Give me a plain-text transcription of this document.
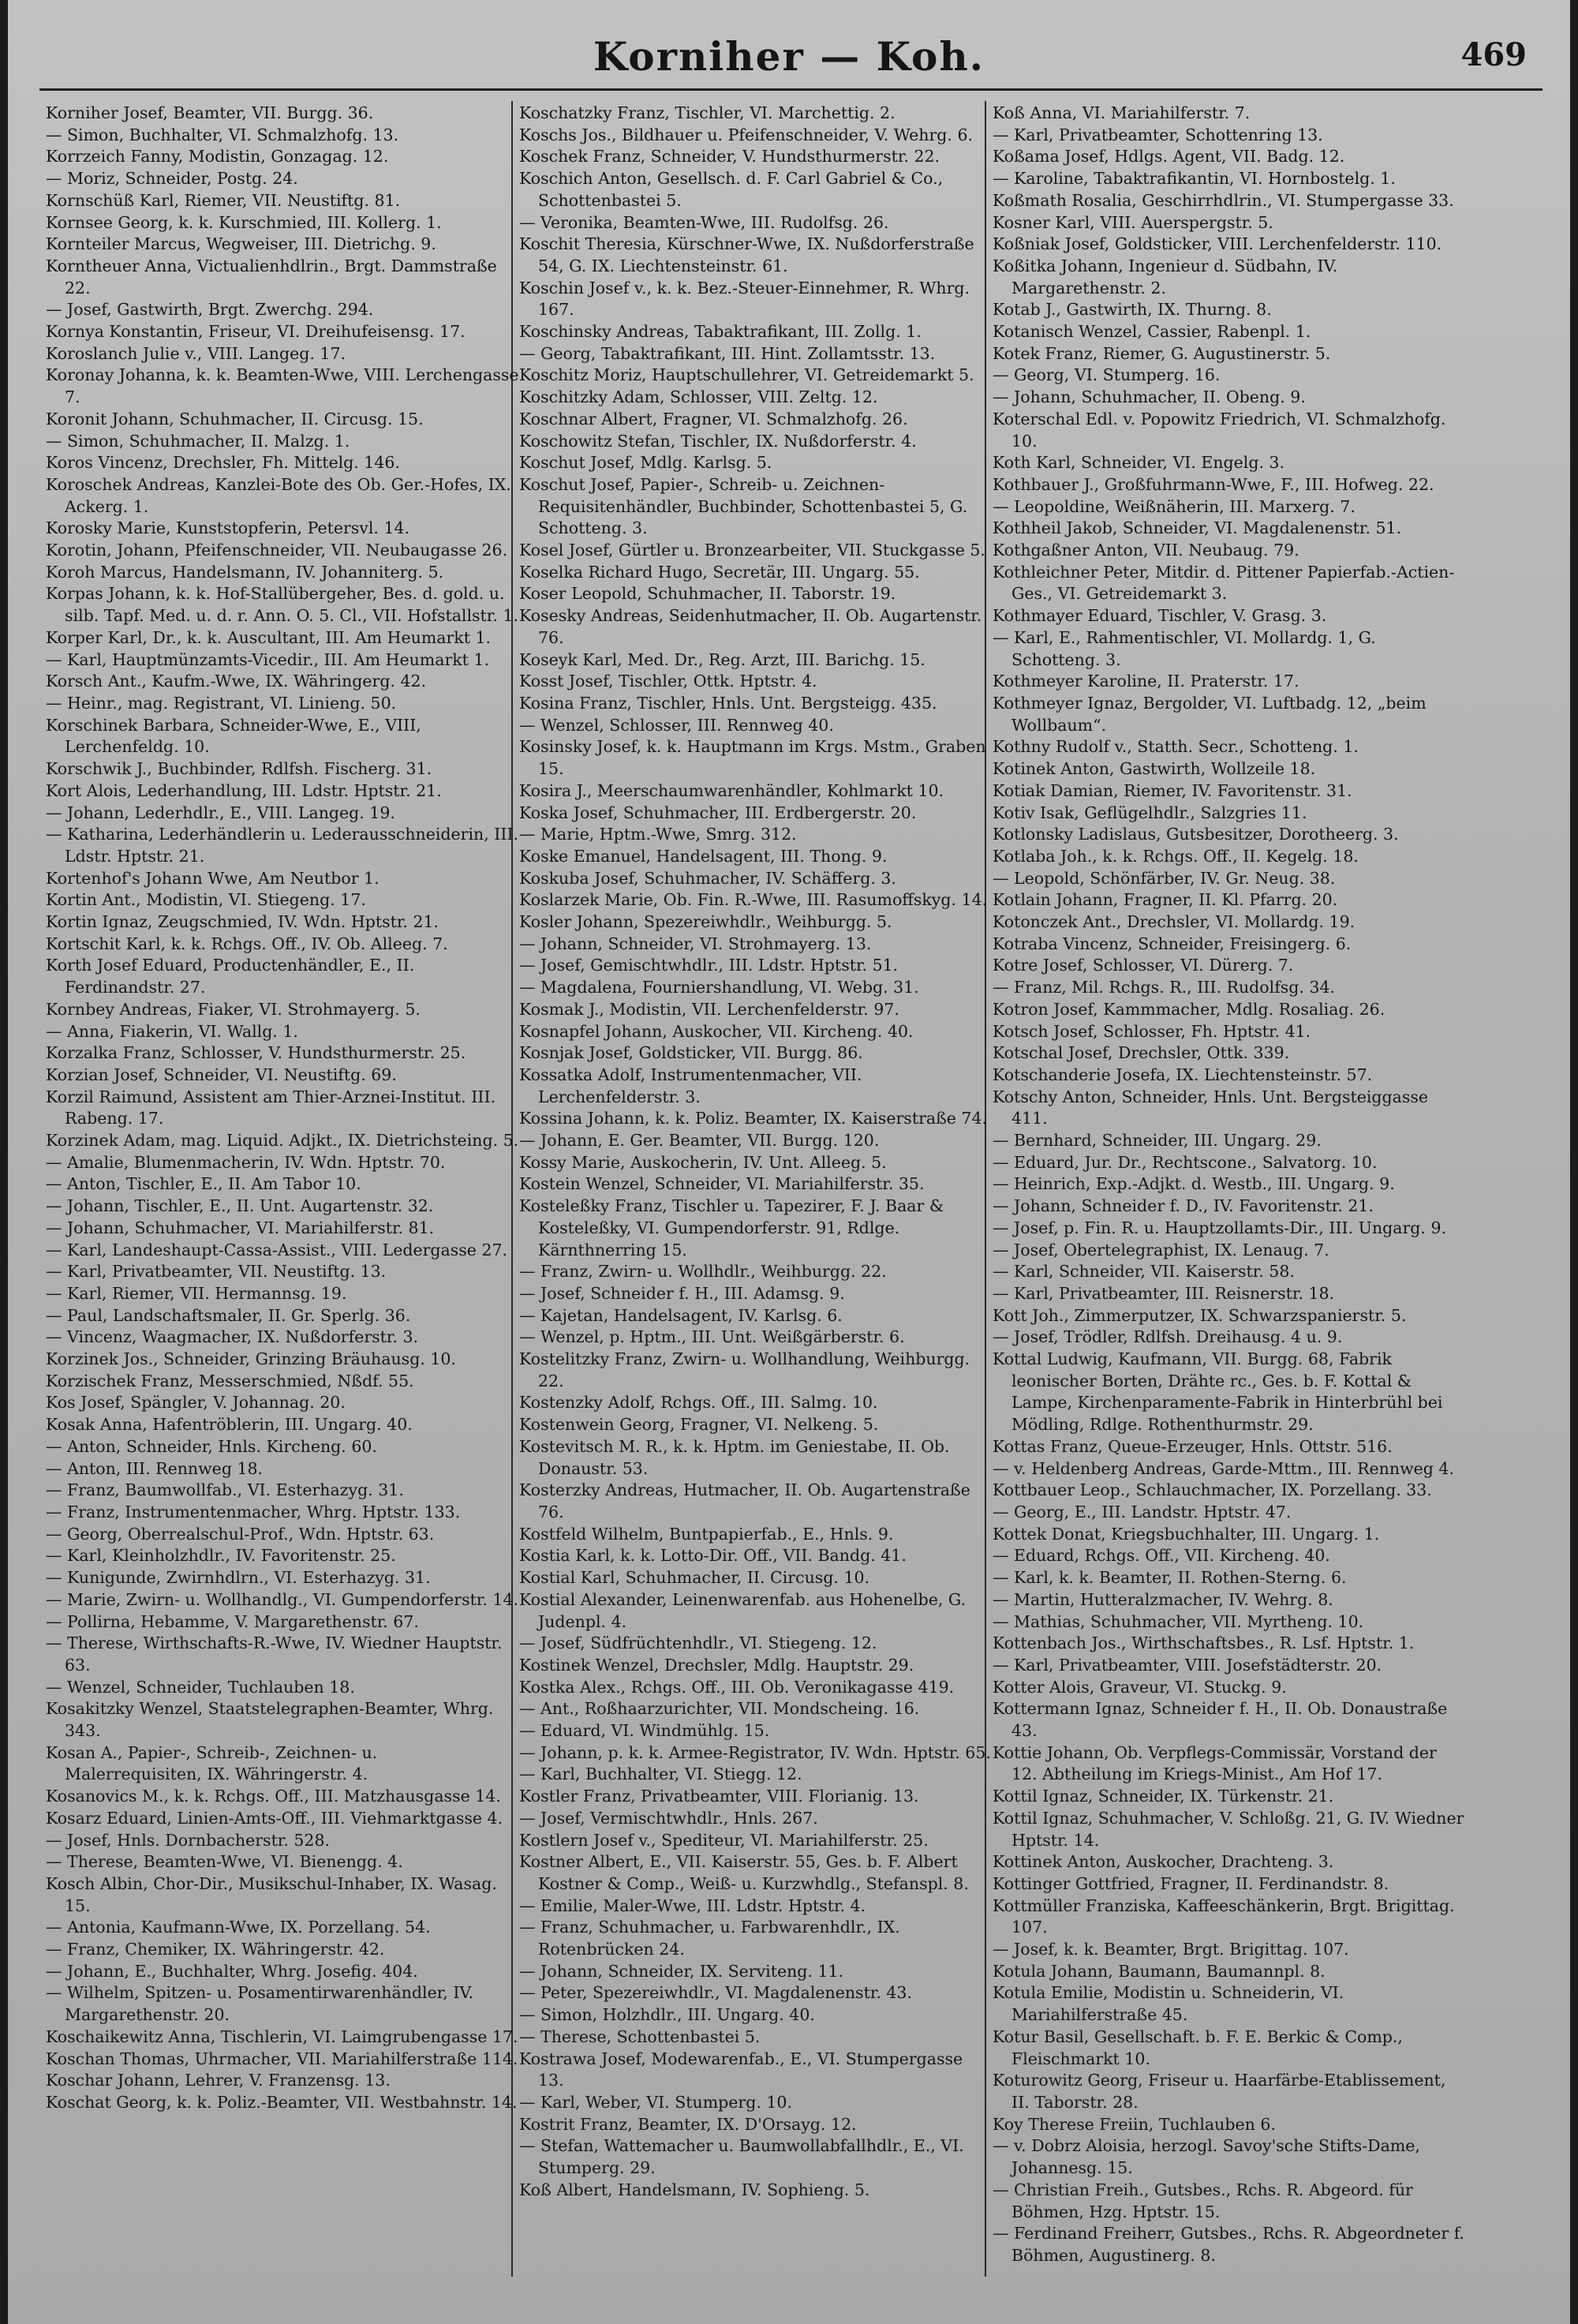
Korniher — Koh.	469

Korniher Josef, Beamter, VII. Burgg. 36.

— Simon, Buchhalter, VI. Schmalzhofg. 13.

Korrzeich Fanny, Modistin, Gonzagag. 12.

— Moriz, Schneider, Postg. 24.

Kornschüß Karl, Riemer, VII. Neustiftg. 81.

Kornsee Georg, k. k. Kurschmied, III. Kollerg. 1.

Kornteiler Marcus, Wegweiser, III. Dietrichg. 9.

Korntheuer Anna, Victualienhdlrin., Brgt. Dammstraße 22.

— Josef, Gastwirth, Brgt. Zwerchg. 294.

Kornya Konstantin, Friseur, VI. Dreihufeisensg. 17.

Koroslanch Julie v., VIII. Langeg. 17.

Koronay Johanna, k. k. Beamten-Wwe, VIII. Lerchengasse 7.

Koronit Johann, Schuhmacher, II. Circusg. 15.

— Simon, Schuhmacher, II. Malzg. 1.

Koros Vincenz, Drechsler, Fh. Mittelg. 146.

Koroschek Andreas, Kanzlei-Bote des Ob. Ger.-Hofes, IX. Ackerg. 1.

Korosky Marie, Kunststopferin, Petersvl. 14.

Korotin, Johann, Pfeifenschneider, VII. Neubaugasse 26.

Koroh Marcus, Handelsmann, IV. Johanniterg. 5.

Korpas Johann, k. k. Hof-Stallübergeher, Bes. d. gold. u. silb. Tapf. Med. u. d. r. Ann. O. 5. Cl., VII. Hofstallstr. 1.

Korper Karl, Dr., k. k. Auscultant, III. Am Heumarkt 1.

— Karl, Hauptmünzamts-Vicedir., III. Am Heumarkt 1.

Korsch Ant., Kaufm.-Wwe, IX. Währingerg. 42.

— Heinr., mag. Registrant, VI. Linieng. 50.

Korschinek Barbara, Schneider-Wwe, E., VIII, Lerchenfeldg. 10.

Korschwik J., Buchbinder, Rdlfsh. Fischerg. 31.

Kort Alois, Lederhandlung, III. Ldstr. Hptstr. 21.

— Johann, Lederhdlr., E., VIII. Langeg. 19.

— Katharina, Lederhändlerin u. Lederausschneiderin, III. Ldstr. Hptstr. 21.

Kortenhof's Johann Wwe, Am Neutbor 1.

Kortin Ant., Modistin, VI. Stiegeng. 17.

Kortin Ignaz, Zeugschmied, IV. Wdn. Hptstr. 21.

Kortschit Karl, k. k. Rchgs. Off., IV. Ob. Alleeg. 7.

Korth Josef Eduard, Productenhändler, E., II. Ferdinandstr. 27.

Kornbey Andreas, Fiaker, VI. Strohmayerg. 5.

— Anna, Fiakerin, VI. Wallg. 1.

Korzalka Franz, Schlosser, V. Hundsthurmerstr. 25.

Korzian Josef, Schneider, VI. Neustiftg. 69.

Korzil Raimund, Assistent am Thier-Arznei-Institut. III. Rabeng. 17.

Korzinek Adam, mag. Liquid. Adjkt., IX. Dietrichsteing. 5.

— Amalie, Blumenmacherin, IV. Wdn. Hptstr. 70.

— Anton, Tischler, E., II. Am Tabor 10.

— Johann, Tischler, E., II. Unt. Augartenstr. 32.

— Johann, Schuhmacher, VI. Mariahilferstr. 81.

— Karl, Landeshaupt-Cassa-Assist., VIII. Ledergasse 27.

— Karl, Privatbeamter, VII. Neustiftg. 13.

— Karl, Riemer, VII. Hermannsg. 19.

— Paul, Landschaftsmaler, II. Gr. Sperlg. 36.

— Vincenz, Waagmacher, IX. Nußdorferstr. 3.

Korzinek Jos., Schneider, Grinzing Bräuhausg. 10.

Korzischek Franz, Messerschmied, Nßdf. 55.

Kos Josef, Spängler, V. Johannag. 20.

Kosak Anna, Hafentröblerin, III. Ungarg. 40.

— Anton, Schneider, Hnls. Kircheng. 60.

— Anton, III. Rennweg 18.

— Franz, Baumwollfab., VI. Esterhazyg. 31.

— Franz, Instrumentenmacher, Whrg. Hptstr. 133.

— Georg, Oberrealschul-Prof., Wdn. Hptstr. 63.

— Karl, Kleinholzhdlr., IV. Favoritenstr. 25.

— Kunigunde, Zwirnhdlrn., VI. Esterhazyg. 31.

— Marie, Zwirn- u. Wollhandlg., VI. Gumpendorferstr. 14.

— Pollirna, Hebamme, V. Margarethenstr. 67.

— Therese, Wirthschafts-R.-Wwe, IV. Wiedner Hauptstr. 63.

— Wenzel, Schneider, Tuchlauben 18.

Kosakitzky Wenzel, Staatstelegraphen-Beamter, Whrg. 343.

Kosan A., Papier-, Schreib-, Zeichnen- u. Malerrequisiten, IX. Währingerstr. 4.

Kosanovics M., k. k. Rchgs. Off., III. Matzhausgasse 14.

Kosarz Eduard, Linien-Amts-Off., III. Viehmarktgasse 4.

— Josef, Hnls. Dornbacherstr. 528.

— Therese, Beamten-Wwe, VI. Bienengg. 4.

Kosch Albin, Chor-Dir., Musikschul-Inhaber, IX. Wasag. 15.

— Antonia, Kaufmann-Wwe, IX. Porzellang. 54.

— Franz, Chemiker, IX. Währingerstr. 42.

— Johann, E., Buchhalter, Whrg. Josefig. 404.

— Wilhelm, Spitzen- u. Posamentirwarenhändler, IV. Margarethenstr. 20.

Koschaikewitz Anna, Tischlerin, VI. Laimgrubengasse 17.

Koschan Thomas, Uhrmacher, VII. Mariahilferstraße 114.

Koschar Johann, Lehrer, V. Franzensg. 13.

Koschat Georg, k. k. Poliz.-Beamter, VII. Westbahnstr. 14.

Koschatzky Franz, Tischler, VI. Marchettig. 2.

Koschs Jos., Bildhauer u. Pfeifenschneider, V. Wehrg. 6.

Koschek Franz, Schneider, V. Hundsthurmerstr. 22.

Koschich Anton, Gesellsch. d. F. Carl Gabriel & Co., Schottenbastei 5.

— Veronika, Beamten-Wwe, III. Rudolfsg. 26.

Koschit Theresia, Kürschner-Wwe, IX. Nußdorferstraße 54, G. IX. Liechtensteinstr. 61.

Koschin Josef v., k. k. Bez.-Steuer-Einnehmer, R. Whrg. 167.

Koschinsky Andreas, Tabaktrafikant, III. Zollg. 1.

— Georg, Tabaktrafikant, III. Hint. Zollamtsstr. 13.

Koschitz Moriz, Hauptschullehrer, VI. Getreidemarkt 5.

Koschitzky Adam, Schlosser, VIII. Zeltg. 12.

Koschnar Albert, Fragner, VI. Schmalzhofg. 26.

Koschowitz Stefan, Tischler, IX. Nußdorferstr. 4.

Koschut Josef, Mdlg. Karlsg. 5.

Koschut Josef, Papier-, Schreib- u. Zeichnen-Requisitenhändler, Buchbinder, Schottenbastei 5, G. Schotteng. 3.

Kosel Josef, Gürtler u. Bronzearbeiter, VII. Stuckgasse 5.

Koselka Richard Hugo, Secretär, III. Ungarg. 55.

Koser Leopold, Schuhmacher, II. Taborstr. 19.

Kosesky Andreas, Seidenhutmacher, II. Ob. Augartenstr. 76.

Koseyk Karl, Med. Dr., Reg. Arzt, III. Barichg. 15.

Kosst Josef, Tischler, Ottk. Hptstr. 4.

Kosina Franz, Tischler, Hnls. Unt. Bergsteigg. 435.

— Wenzel, Schlosser, III. Rennweg 40.

Kosinsky Josef, k. k. Hauptmann im Krgs. Mstm., Graben 15.

Kosira J., Meerschaumwarenhändler, Kohlmarkt 10.

Koska Josef, Schuhmacher, III. Erdbergerstr. 20.

— Marie, Hptm.-Wwe, Smrg. 312.

Koske Emanuel, Handelsagent, III. Thong. 9.

Koskuba Josef, Schuhmacher, IV. Schäfferg. 3.

Koslarzek Marie, Ob. Fin. R.-Wwe, III. Rasumoffskyg. 14.

Kosler Johann, Spezereiwhdlr., Weihburgg. 5.

— Johann, Schneider, VI. Strohmayerg. 13.

— Josef, Gemischtwhdlr., III. Ldstr. Hptstr. 51.

— Magdalena, Fourniershandlung, VI. Webg. 31.

Kosmak J., Modistin, VII. Lerchenfelderstr. 97.

Kosnapfel Johann, Auskocher, VII. Kircheng. 40.

Kosnjak Josef, Goldsticker, VII. Burgg. 86.

Kossatka Adolf, Instrumentenmacher, VII. Lerchenfelderstr. 3.

Kossina Johann, k. k. Poliz. Beamter, IX. Kaiserstraße 74.

— Johann, E. Ger. Beamter, VII. Burgg. 120.

Kossy Marie, Auskocherin, IV. Unt. Alleeg. 5.

Kostein Wenzel, Schneider, VI. Mariahilferstr. 35.

Kosteleßky Franz, Tischler u. Tapezirer, F. J. Baar & Kosteleßky, VI. Gumpendorferstr. 91, Rdlge. Kärnthnerring 15.

— Franz, Zwirn- u. Wollhdlr., Weihburgg. 22.

— Josef, Schneider f. H., III. Adamsg. 9.

— Kajetan, Handelsagent, IV. Karlsg. 6.

— Wenzel, p. Hptm., III. Unt. Weißgärberstr. 6.

Kostelitzky Franz, Zwirn- u. Wollhandlung, Weihburgg. 22.

Kostenzky Adolf, Rchgs. Off., III. Salmg. 10.

Kostenwein Georg, Fragner, VI. Nelkeng. 5.

Kostevitsch M. R., k. k. Hptm. im Geniestabe, II. Ob. Donaustr. 53.

Kosterzky Andreas, Hutmacher, II. Ob. Augartenstraße 76.

Kostfeld Wilhelm, Buntpapierfab., E., Hnls. 9.

Kostia Karl, k. k. Lotto-Dir. Off., VII. Bandg. 41.

Kostial Karl, Schuhmacher, II. Circusg. 10.

Kostial Alexander, Leinenwarenfab. aus Hohenelbe, G. Judenpl. 4.

— Josef, Südfrüchtenhdlr., VI. Stiegeng. 12.

Kostinek Wenzel, Drechsler, Mdlg. Hauptstr. 29.

Kostka Alex., Rchgs. Off., III. Ob. Veronikagasse 419.

— Ant., Roßhaarzurichter, VII. Mondscheing. 16.

— Eduard, VI. Windmühlg. 15.

— Johann, p. k. k. Armee-Registrator, IV. Wdn. Hptstr. 65.

— Karl, Buchhalter, VI. Stiegg. 12.

Kostler Franz, Privatbeamter, VIII. Florianig. 13.

— Josef, Vermischtwhdlr., Hnls. 267.

Kostlern Josef v., Spediteur, VI. Mariahilferstr. 25.

Kostner Albert, E., VII. Kaiserstr. 55, Ges. b. F. Albert Kostner & Comp., Weiß- u. Kurzwhdlg., Stefanspl. 8.

— Emilie, Maler-Wwe, III. Ldstr. Hptstr. 4.

— Franz, Schuhmacher, u. Farbwarenhdlr., IX. Rotenbrücken 24.

— Johann, Schneider, IX. Serviteng. 11.

— Peter, Spezereiwhdlr., VI. Magdalenenstr. 43.

— Simon, Holzhdlr., III. Ungarg. 40.

— Therese, Schottenbastei 5.

Kostrawa Josef, Modewarenfab., E., VI. Stumpergasse 13.

— Karl, Weber, VI. Stumperg. 10.

Kostrit Franz, Beamter, IX. D'Orsayg. 12.

— Stefan, Wattemacher u. Baumwollabfallhdlr., E., VI. Stumperg. 29.

Koß Albert, Handelsmann, IV. Sophieng. 5.

Koß Anna, VI. Mariahilferstr. 7.

— Karl, Privatbeamter, Schottenring 13.

Koßama Josef, Hdlgs. Agent, VII. Badg. 12.

— Karoline, Tabaktrafikantin, VI. Hornbostelg. 1.

Koßmath Rosalia, Geschirrhdlrin., VI. Stumpergasse 33.

Kosner Karl, VIII. Auerspergstr. 5.

Koßniak Josef, Goldsticker, VIII. Lerchenfelderstr. 110.

Koßitka Johann, Ingenieur d. Südbahn, IV. Margarethenstr. 2.

Kotab J., Gastwirth, IX. Thurng. 8.

Kotanisch Wenzel, Cassier, Rabenpl. 1.

Kotek Franz, Riemer, G. Augustinerstr. 5.

— Georg, VI. Stumperg. 16.

— Johann, Schuhmacher, II. Obeng. 9.

Koterschal Edl. v. Popowitz Friedrich, VI. Schmalzhofg. 10.

Koth Karl, Schneider, VI. Engelg. 3.

Kothbauer J., Großfuhrmann-Wwe, F., III. Hofweg. 22.

— Leopoldine, Weißnäherin, III. Marxerg. 7.

Kothheil Jakob, Schneider, VI. Magdalenenstr. 51.

Kothgaßner Anton, VII. Neubaug. 79.

Kothleichner Peter, Mitdir. d. Pittener Papierfab.-Actien-Ges., VI. Getreidemarkt 3.

Kothmayer Eduard, Tischler, V. Grasg. 3.

— Karl, E., Rahmentischler, VI. Mollardg. 1, G. Schotteng. 3.

Kothmeyer Karoline, II. Praterstr. 17.

Kothmeyer Ignaz, Bergolder, VI. Luftbadg. 12, „beim Wollbaum“.

Kothny Rudolf v., Statth. Secr., Schotteng. 1.

Kotinek Anton, Gastwirth, Wollzeile 18.

Kotiak Damian, Riemer, IV. Favoritenstr. 31.

Kotiv Isak, Geflügelhdlr., Salzgries 11.

Kotlonsky Ladislaus, Gutsbesitzer, Dorotheerg. 3.

Kotlaba Joh., k. k. Rchgs. Off., II. Kegelg. 18.

— Leopold, Schönfärber, IV. Gr. Neug. 38.

Kotlain Johann, Fragner, II. Kl. Pfarrg. 20.

Kotonczek Ant., Drechsler, VI. Mollardg. 19.

Kotraba Vincenz, Schneider, Freisingerg. 6.

Kotre Josef, Schlosser, VI. Dürerg. 7.

— Franz, Mil. Rchgs. R., III. Rudolfsg. 34.

Kotron Josef, Kammmacher, Mdlg. Rosaliag. 26.

Kotsch Josef, Schlosser, Fh. Hptstr. 41.

Kotschal Josef, Drechsler, Ottk. 339.

Kotschanderie Josefa, IX. Liechtensteinstr. 57.

Kotschy Anton, Schneider, Hnls. Unt. Bergsteiggasse 411.

— Bernhard, Schneider, III. Ungarg. 29.

— Eduard, Jur. Dr., Rechtscone., Salvatorg. 10.

— Heinrich, Exp.-Adjkt. d. Westb., III. Ungarg. 9.

— Johann, Schneider f. D., IV. Favoritenstr. 21.

— Josef, p. Fin. R. u. Hauptzollamts-Dir., III. Ungarg. 9.

— Josef, Obertelegraphist, IX. Lenaug. 7.

— Karl, Schneider, VII. Kaiserstr. 58.

— Karl, Privatbeamter, III. Reisnerstr. 18.

Kott Joh., Zimmerputzer, IX. Schwarzspanierstr. 5.

— Josef, Trödler, Rdlfsh. Dreihausg. 4 u. 9.

Kottal Ludwig, Kaufmann, VII. Burgg. 68, Fabrik leonischer Borten, Drähte rc., Ges. b. F. Kottal & Lampe, Kirchenparamente-Fabrik in Hinterbrühl bei Mödling, Rdlge. Rothenthurmstr. 29.

Kottas Franz, Queue-Erzeuger, Hnls. Ottstr. 516.

— v. Heldenberg Andreas, Garde-Mttm., III. Rennweg 4.

Kottbauer Leop., Schlauchmacher, IX. Porzellang. 33.

— Georg, E., III. Landstr. Hptstr. 47.

Kottek Donat, Kriegsbuchhalter, III. Ungarg. 1.

— Eduard, Rchgs. Off., VII. Kircheng. 40.

— Karl, k. k. Beamter, II. Rothen-Sterng. 6.

— Martin, Hutteralzmacher, IV. Wehrg. 8.

— Mathias, Schuhmacher, VII. Myrtheng. 10.

Kottenbach Jos., Wirthschaftsbes., R. Lsf. Hptstr. 1.

— Karl, Privatbeamter, VIII. Josefstädterstr. 20.

Kotter Alois, Graveur, VI. Stuckg. 9.

Kottermann Ignaz, Schneider f. H., II. Ob. Donaustraße 43.

Kottie Johann, Ob. Verpflegs-Commissär, Vorstand der 12. Abtheilung im Kriegs-Minist., Am Hof 17.

Kottil Ignaz, Schneider, IX. Türkenstr. 21.

Kottil Ignaz, Schuhmacher, V. Schloßg. 21, G. IV. Wiedner Hptstr. 14.

Kottinek Anton, Auskocher, Drachteng. 3.

Kottinger Gottfried, Fragner, II. Ferdinandstr. 8.

Kottmüller Franziska, Kaffeeschänkerin, Brgt. Brigittag. 107.

— Josef, k. k. Beamter, Brgt. Brigittag. 107.

Kotula Johann, Baumann, Baumannpl. 8.

Kotula Emilie, Modistin u. Schneiderin, VI. Mariahilferstraße 45.

Kotur Basil, Gesellschaft. b. F. E. Berkic & Comp., Fleischmarkt 10.

Koturowitz Georg, Friseur u. Haarfärbe-Etablissement, II. Taborstr. 28.

Koy Therese Freiin, Tuchlauben 6.

— v. Dobrz Aloisia, herzogl. Savoy'sche Stifts-Dame, Johannesg. 15.

— Christian Freih., Gutsbes., Rchs. R. Abgeord. für Böhmen, Hzg. Hptstr. 15.

— Ferdinand Freiherr, Gutsbes., Rchs. R. Abgeordneter f. Böhmen, Augustinerg. 8.
